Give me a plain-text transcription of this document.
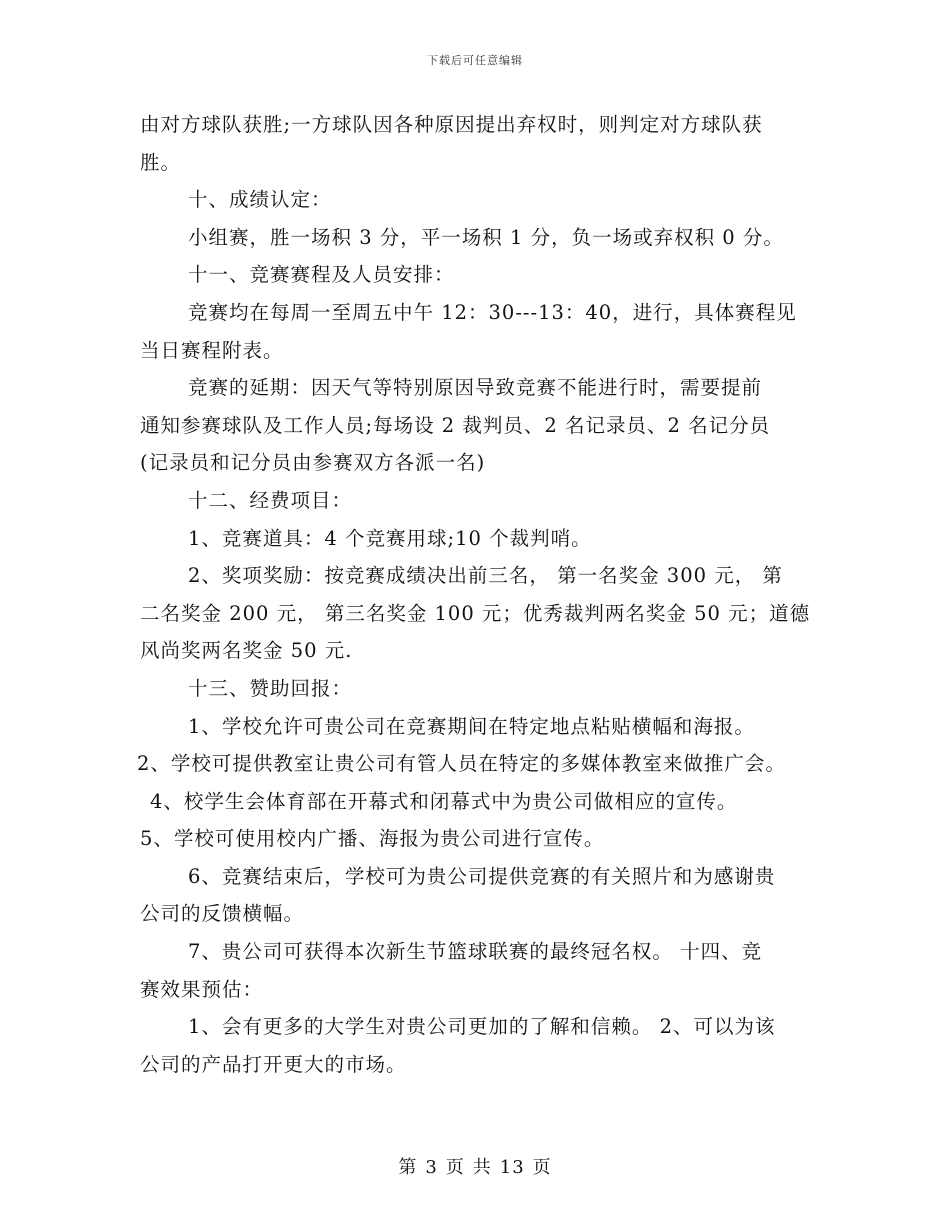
下载后可任意编辑
由对方球队获胜;一方球队因各种原因提出弃权时，则判定对方球队获
胜。
十、成绩认定：
小组赛，胜一场积 3 分，平一场积 1 分，负一场或弃权积 0 分。
十一、竞赛赛程及人员安排：
竞赛均在每周一至周五中午 12：30---13：40，进行，具体赛程见
当日赛程附表。
竞赛的延期：因天气等特别原因导致竞赛不能进行时，需要提前
通知参赛球队及工作人员;每场设 2 裁判员、2 名记录员、2 名记分员
(记录员和记分员由参赛双方各派一名)
十二、经费项目：
1、竞赛道具：4 个竞赛用球;10 个裁判哨。
2、奖项奖励：按竞赛成绩决出前三名， 第一名奖金 300 元， 第
二名奖金 200 元， 第三名奖金 100 元；优秀裁判两名奖金 50 元；道德
风尚奖两名奖金 50 元.
十三、赞助回报：
1、学校允许可贵公司在竞赛期间在特定地点粘贴横幅和海报。
2、学校可提供教室让贵公司有管人员在特定的多媒体教室来做推广会。
4、校学生会体育部在开幕式和闭幕式中为贵公司做相应的宣传。
5、学校可使用校内广播、海报为贵公司进行宣传。
6、竞赛结束后，学校可为贵公司提供竞赛的有关照片和为感谢贵
公司的反馈横幅。
7、贵公司可获得本次新生节篮球联赛的最终冠名权。 十四、竞
赛效果预估：
1、会有更多的大学生对贵公司更加的了解和信赖。 2、可以为该
公司的产品打开更大的市场。
第 3 页 共 13 页
